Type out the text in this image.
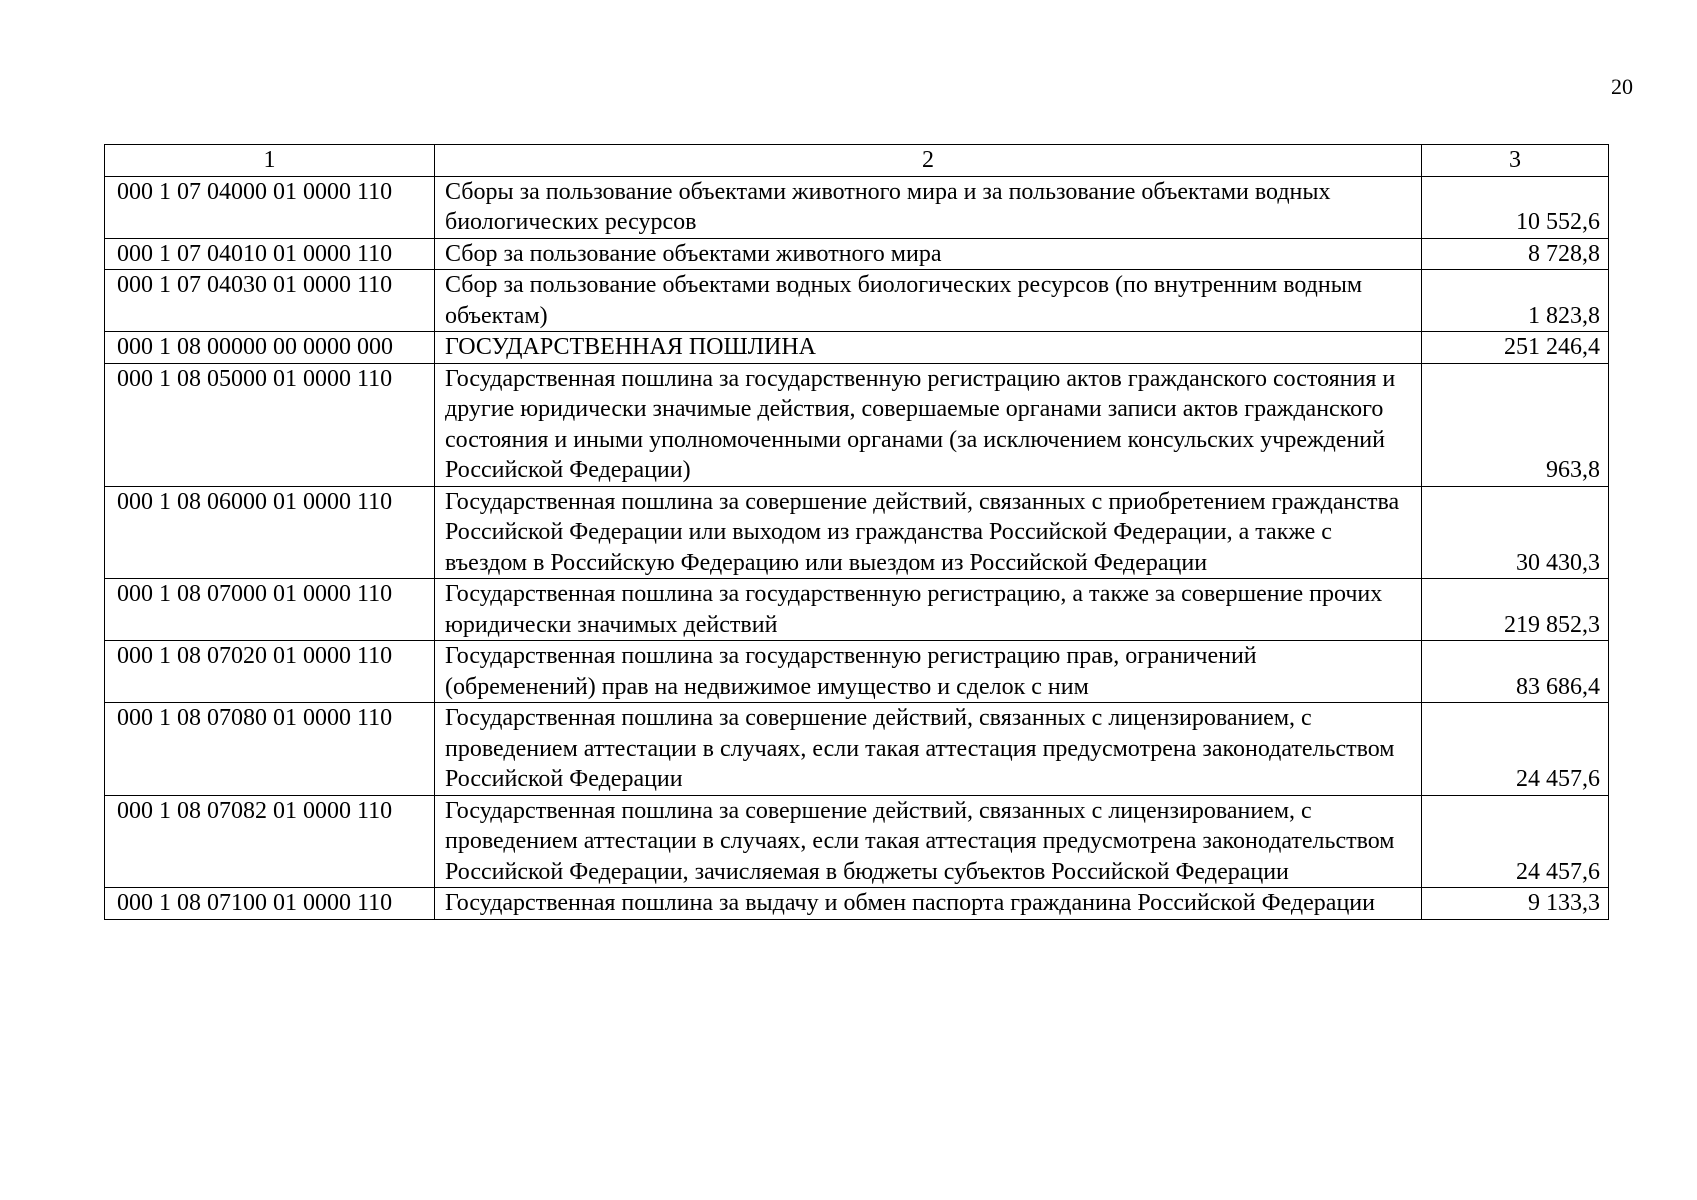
20
1	2	3
000 1 07 04000 01 0000 110	Сборы за пользование объектами животного мира и за пользование объектами водных биологических ресурсов	10 552,6
000 1 07 04010 01 0000 110	Сбор за пользование объектами животного мира	8 728,8
000 1 07 04030 01 0000 110	Сбор за пользование объектами водных биологических ресурсов (по внутренним водным объектам)	1 823,8
000 1 08 00000 00 0000 000	ГОСУДАРСТВЕННАЯ ПОШЛИНА	251 246,4
000 1 08 05000 01 0000 110	Государственная пошлина за государственную регистрацию актов гражданского состояния и другие юридически значимые действия, совершаемые органами записи актов гражданского состояния и иными уполномоченными органами (за исключением консульских учреждений Российской Федерации)	963,8
000 1 08 06000 01 0000 110	Государственная пошлина за совершение действий, связанных с приобретением гражданства Российской Федерации или выходом из гражданства Российской Федерации, а также с въездом в Российскую Федерацию или выездом из Российской Федерации	30 430,3
000 1 08 07000 01 0000 110	Государственная пошлина за государственную регистрацию, а также за совершение прочих юридически значимых действий	219 852,3
000 1 08 07020 01 0000 110	Государственная пошлина за государственную регистрацию прав, ограничений (обременений) прав на недвижимое имущество и сделок с ним	83 686,4
000 1 08 07080 01 0000 110	Государственная пошлина за совершение действий, связанных с лицензированием, с проведением аттестации в случаях, если такая аттестация предусмотрена законодательством Российской Федерации	24 457,6
000 1 08 07082 01 0000 110	Государственная пошлина за совершение действий, связанных с лицензированием, с проведением аттестации в случаях, если такая аттестация предусмотрена законодательством Российской Федерации, зачисляемая в бюджеты субъектов Российской Федерации	24 457,6
000 1 08 07100 01 0000 110	Государственная пошлина за выдачу и обмен паспорта гражданина Российской Федерации	9 133,3
